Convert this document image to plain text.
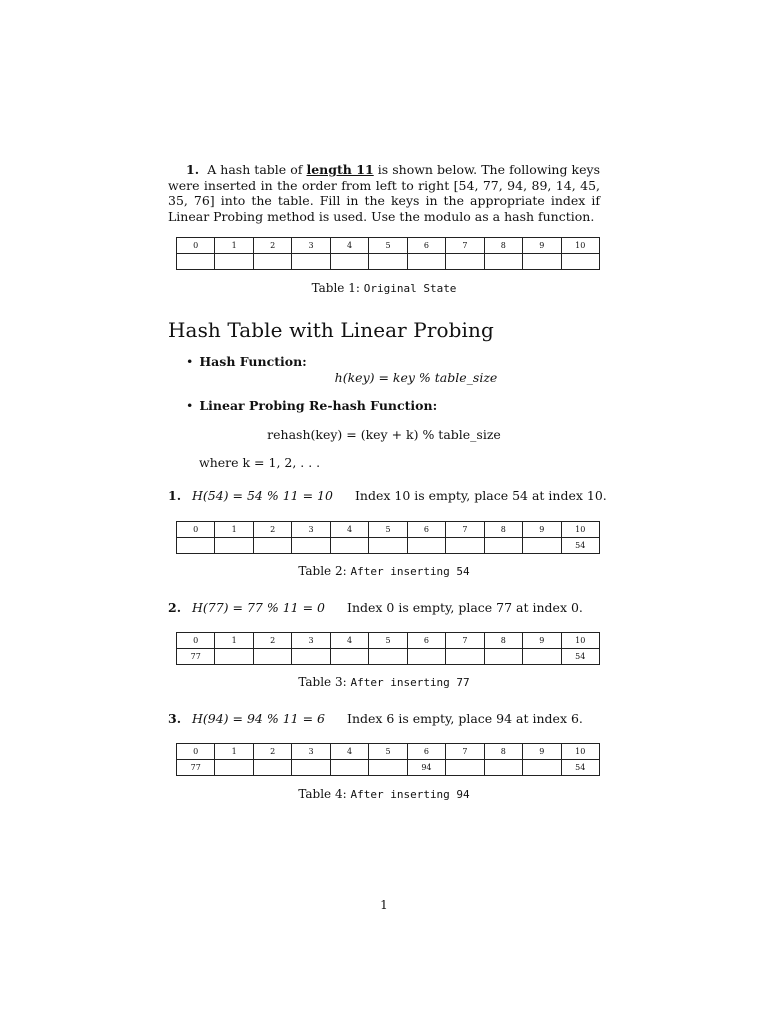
1. A hash table of length 11 is shown below. The following keys were inserted in the order from left to right [54, 77, 94, 89, 14, 45, 35, 76] into the table. Fill in the keys in the appropriate index if Linear Probing method is used. Use the modulo as a hash function.
0	1	2	3	4	5	6	7	8	9	10

Table 1: Original State
Hash Table with Linear Probing
• Hash Function:
h(key) = key % table_size
• Linear Probing Re-hash Function:
rehash(key) = (key + k) % table_size
where k = 1, 2, . . .
1. H(54) = 54 % 11 = 10 Index 10 is empty, place 54 at index 10.
0	1	2	3	4	5	6	7	8	9	10
										54
Table 2: After inserting 54
2. H(77) = 77 % 11 = 0 Index 0 is empty, place 77 at index 0.
0	1	2	3	4	5	6	7	8	9	10
77										54
Table 3: After inserting 77
3. H(94) = 94 % 11 = 6 Index 6 is empty, place 94 at index 6.
0	1	2	3	4	5	6	7	8	9	10
77						94				54
Table 4: After inserting 94
1
